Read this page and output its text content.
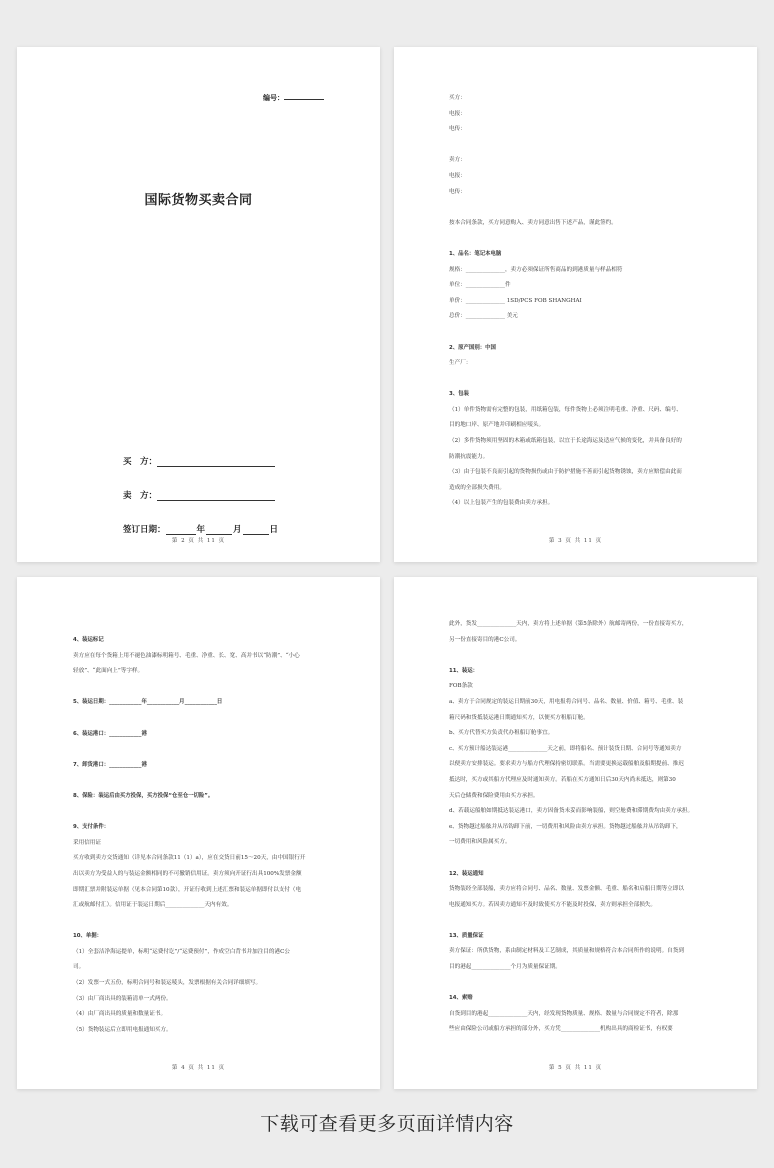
编号：
国际货物买卖合同
买　方：
卖　方：
签订日期：	年	月	日
第 2 页 共 11 页
买方：
电报：
电传：

卖方：
电报：
电传：

按本合同条款，买方同意购入、卖方同意出售下述产品，谨此签约。

1、品名：笔记本电脑
规格：______________，卖方必须保证所售商品的到港质量与样品相符
单位：______________件
单价：______________ 1SD/PCS FOB SHANGHAI
总价：______________ 美元

2、原产国别：中国
生产厂：

3、包装
（1）单件货物需有完整的包装，用纸箱包装，每件货物上必须注明毛重、净重、尺码、编号、
目的地口岸、原产地并印刷相应唛头。
（2）多件货物须用坚固的木箱或纸箱包装，以宜于长途海运及适应气候的变化，并具备良好的
防潮抗震能力。
（3）由于包装不良而引起的货物损伤或由于防护措施不善而引起货物锈蚀，卖方应赔偿由此而
造成的全部损失费用。
（4）以上包装产生的包装费由卖方承担。
第 3 页 共 11 页
4、装运标记
卖方应在每个货箱上用不褪色油漆标明箱号、毛重、净重、长、宽、高并书以“防潮”、“小心
轻放”、“此面向上”等字样。

5、装运日期：____________年____________月____________日

6、装运港口：____________港

7、卸货港口：____________港

8、保险：装运后由买方投保，买方投保“仓至仓一切险”。

9、支付条件：
采用信用证
买方收到卖方交货通知（详见本合同条款11（1）a），应在交货日前15～20天，由中国银行开
出以卖方为受益人的与装运金额相同的不可撤销信用证。卖方须向开证行出具100%发票金额
即期汇票并附装运单据（见本合同第10款），开证行收到上述汇票和装运单据即付以支付（电
汇或航邮付汇）。信用证于装运日期后______________天内有效。

10、单据：
（1）全套洁净海运提单，标明“运费付讫”/“运费预付”，作成空白背书并加注目的港C公
司。
（2）发票一式五份，标明合同号和装运唛头，发票根据有关合同详细填写。
（3）由厂商出具的装箱清单一式两份。
（4）由厂商出具的质量和数量证书。
（5）货物装运后立即用电报通知买方。
第 4 页 共 11 页
此外，货发______________天内，卖方将上述单据（第5条除外）航邮寄两份，一份直接寄买方，
另一份直接寄目的港C公司。

11、装运：
FOB条款
a、卖方于合同规定的装运日期前30天，用电报将合同号、品名、数量、价值、箱号、毛重、装
箱尺码和货抵装运港日期通知买方，以便买方租船订舱。
b、买方代替买方负责代办租船订舱事宜。
c、买方预计船达装运港______________天之前，即将船名、预计装货日期、合同号等通知卖方
以便卖方安排装运。要求卖方与船方代理保持密切联系。当需要更换运载船舶及船期提前、推迟
抵达时，买方或其船方代理应及时通知卖方。若船在买方通知日后30天内尚未抵达，则第30
天后仓储费和保险费用由买方承担。
d、若载运船舶如期抵达装运港口，卖方因备货未妥而影响装船，则空舱费和滞期费均由卖方承担。
e、货物越过船舷并从吊钩卸下前，一切费用和风险由卖方承担。货物越过船舷并从吊钩卸下，
一切费用和风险属买方。

12、装运通知
货物装经全部装船，卖方应将合同号、品名、数量、发票金额、毛重、船名和启船日期等立即以
电报通知买方。若因卖方通知不及时致使买方不能及时投保，卖方则承担全部损失。

13、质量保证
卖方保证：所供货物，系由制定材料及工艺制成，其质量和规格符合本合同所作的说明。自货到
目的港起______________个月为质量保证期。

14、索赔
自货到目的港起______________天内，经发现货物质量、规格、数量与合同规定不符者，除那
些应由保险公司或船方承担的部分外，买方凭______________机构出具的商检证书，有权要
第 5 页 共 11 页
下载可查看更多页面详情内容
